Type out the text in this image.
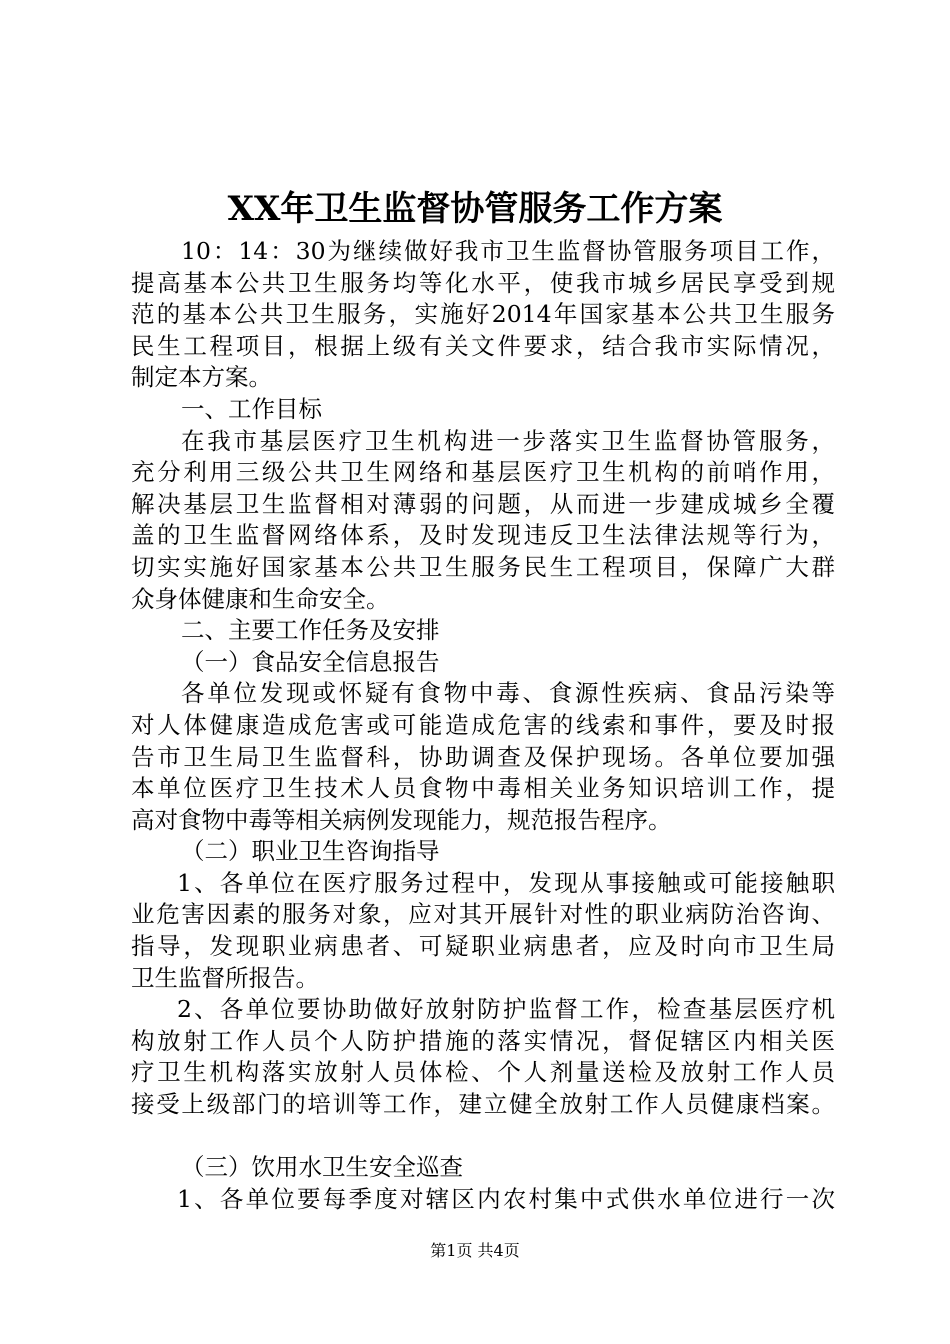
XX年卫生监督协管服务工作方案
10：14：30为继续做好我市卫生监督协管服务项目工作，
提高基本公共卫生服务均等化水平，使我市城乡居民享受到规
范的基本公共卫生服务，实施好2014年国家基本公共卫生服务
民生工程项目，根据上级有关文件要求，结合我市实际情况，
制定本方案。
一、工作目标
在我市基层医疗卫生机构进一步落实卫生监督协管服务，
充分利用三级公共卫生网络和基层医疗卫生机构的前哨作用，
解决基层卫生监督相对薄弱的问题，从而进一步建成城乡全覆
盖的卫生监督网络体系，及时发现违反卫生法律法规等行为，
切实实施好国家基本公共卫生服务民生工程项目，保障广大群
众身体健康和生命安全。
二、主要工作任务及安排
（一）食品安全信息报告
各单位发现或怀疑有食物中毒、食源性疾病、食品污染等
对人体健康造成危害或可能造成危害的线索和事件，要及时报
告市卫生局卫生监督科，协助调查及保护现场。各单位要加强
本单位医疗卫生技术人员食物中毒相关业务知识培训工作，提
高对食物中毒等相关病例发现能力，规范报告程序。
（二）职业卫生咨询指导
1、各单位在医疗服务过程中，发现从事接触或可能接触职
业危害因素的服务对象，应对其开展针对性的职业病防治咨询、
指导，发现职业病患者、可疑职业病患者，应及时向市卫生局
卫生监督所报告。
2、各单位要协助做好放射防护监督工作，检查基层医疗机
构放射工作人员个人防护措施的落实情况，督促辖区内相关医
疗卫生机构落实放射人员体检、个人剂量送检及放射工作人员
接受上级部门的培训等工作，建立健全放射工作人员健康档案。
（三）饮用水卫生安全巡查
1、各单位要每季度对辖区内农村集中式供水单位进行一次
第1页 共4页
